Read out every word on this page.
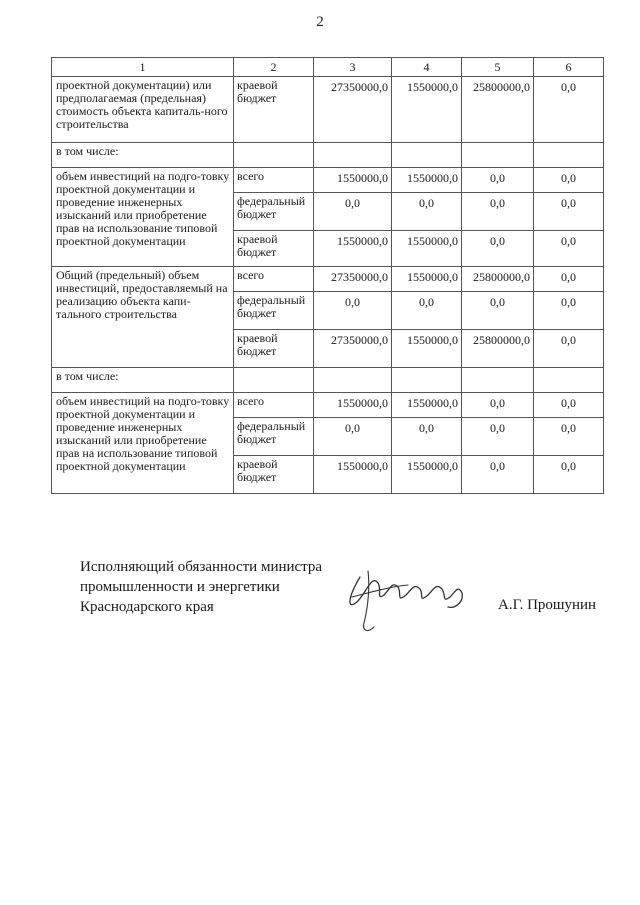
2
1	2	3	4	5	6
проектной документации) или предполагаемая (предельная) стоимость объекта капиталь-ного строительства	краевой бюджет	27350000,0	1550000,0	25800000,0	0,0
в том числе:					
объем инвестиций на подго-товку проектной документации и проведение инженерных изысканий или приобретение прав на использование типовой проектной документации	всего	1550000,0	1550000,0	0,0	0,0
	федеральный бюджет	0,0	0,0	0,0	0,0
	краевой бюджет	1550000,0	1550000,0	0,0	0,0
Общий (предельный) объем инвестиций, предоставляемый на реализацию объекта капи-тального строительства	всего	27350000,0	1550000,0	25800000,0	0,0
	федеральный бюджет	0,0	0,0	0,0	0,0
	краевой бюджет	27350000,0	1550000,0	25800000,0	0,0
в том числе:					
объем инвестиций на подго-товку проектной документации и проведение инженерных изысканий или приобретение прав на использование типовой проектной документации	всего	1550000,0	1550000,0	0,0	0,0
	федеральный бюджет	0,0	0,0	0,0	0,0
	краевой бюджет	1550000,0	1550000,0	0,0	0,0
Исполняющий обязанности министра
промышленности и энергетики
Краснодарского края	А.Г. Прошунин
